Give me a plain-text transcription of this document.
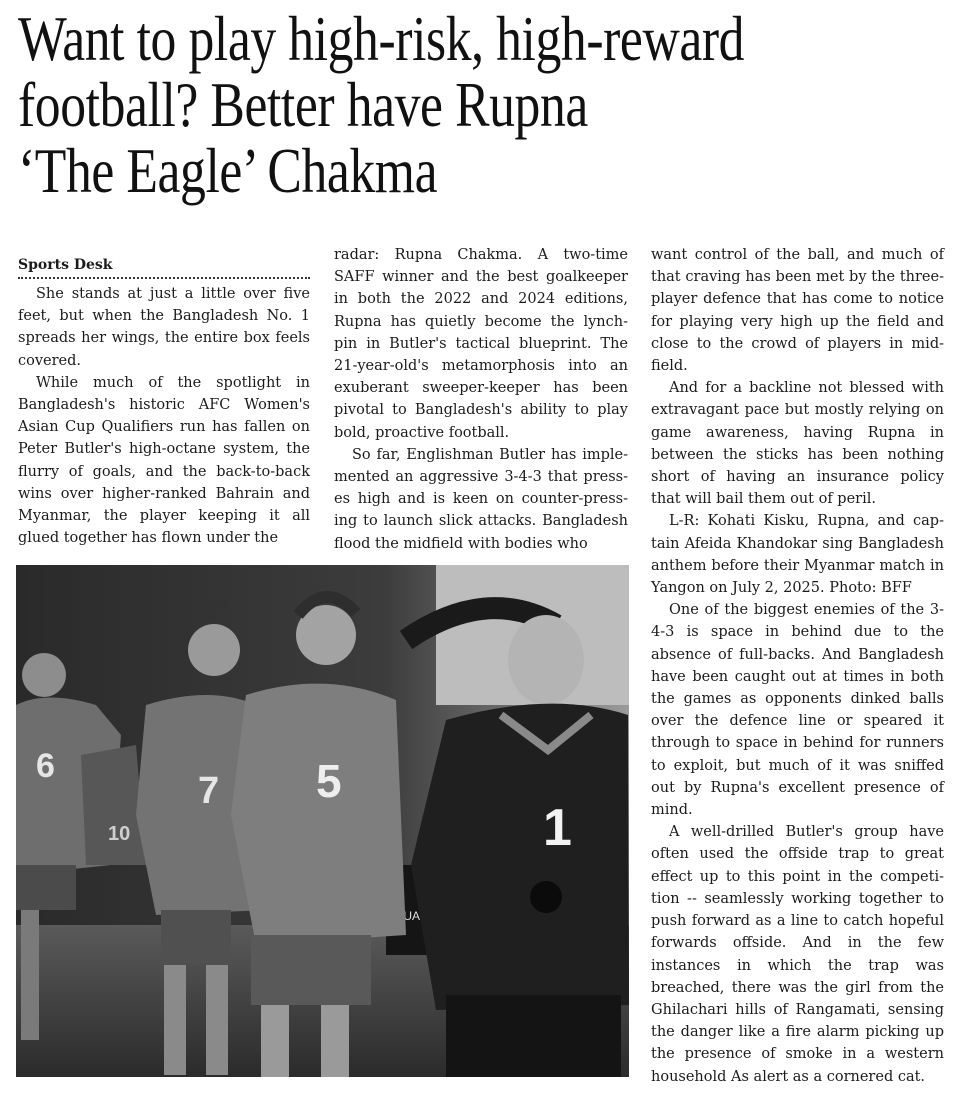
Want to play high-risk, high-reward
football? Better have Rupna
‘The Eagle’ Chakma
Sports Desk

She stands at just a little over five feet, but when the Bangladesh No. 1 spreads her wings, the entire box feels covered.

While much of the spotlight in Bangladesh's historic AFC Women's Asian Cup Qualifiers run has fallen on Peter Butler's high-octane system, the flurry of goals, and the back-to-back wins over higher-ranked Bahrain and Myanmar, the player keeping it all glued together has flown under the

radar: Rupna Chakma. A two-time SAFF winner and the best goalkeeper in both the 2022 and 2024 editions, Rupna has quietly become the lynch-pin in Butler's tactical blueprint. The 21-year-old's metamorphosis into an exuberant sweeper-keeper has been pivotal to Bangladesh's ability to play bold, proactive football.

So far, Englishman Butler has imple-mented an aggressive 3-4-3 that press-es high and is keen on counter-press-ing to launch slick attacks. Bangladesh flood the midfield with bodies who

want control of the ball, and much of that craving has been met by the three-player defence that has come to notice for playing very high up the field and close to the crowd of players in mid-field.

And for a backline not blessed with extravagant pace but mostly relying on game awareness, having Rupna in between the sticks has been nothing short of having an insurance policy that will bail them out of peril.

L-R: Kohati Kisku, Rupna, and cap-tain Afeida Khandokar sing Bangladesh anthem before their Myanmar match in Yangon on July 2, 2025. Photo: BFF

One of the biggest enemies of the 3-4-3 is space in behind due to the absence of full-backs. And Bangladesh have been caught out at times in both the games as opponents dinked balls over the defence line or speared it through to space in behind for runners to exploit, but much of it was sniffed out by Rupna's excellent presence of mind.

A well-drilled Butler's group have often used the offside trap to great effect up to this point in the competi-tion -- seamlessly working together to push forward as a line to catch hopeful forwards offside. And in the few instances in which the trap was breached, there was the girl from the Ghilachari hills of Rangamati, sensing the danger like a fire alarm picking up the presence of smoke in a western household As alert as a cornered cat.

6
10
7 5
1
